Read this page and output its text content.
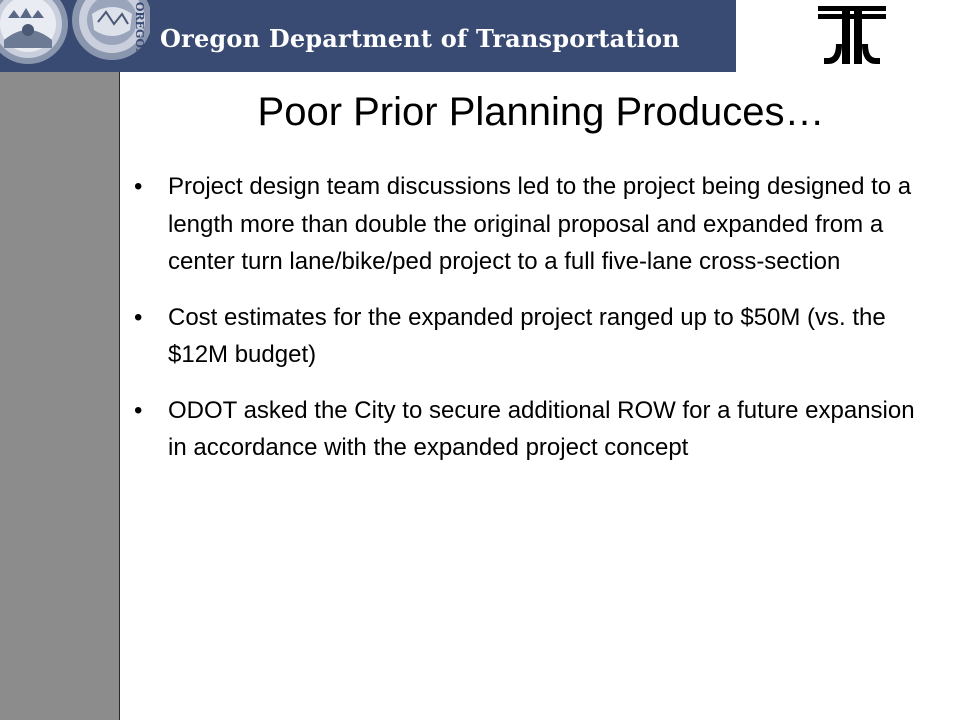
OREGON Oregon Department of Transportation
Poor Prior Planning Produces…
•	Project design team discussions led to the project being designed to a length more than double the original proposal and expanded from a center turn lane/bike/ped project to a full five-lane cross-section
•	Cost estimates for the expanded project ranged up to $50M (vs. the $12M budget)
•	ODOT asked the City to secure additional ROW for a future expansion in accordance with the expanded project concept
